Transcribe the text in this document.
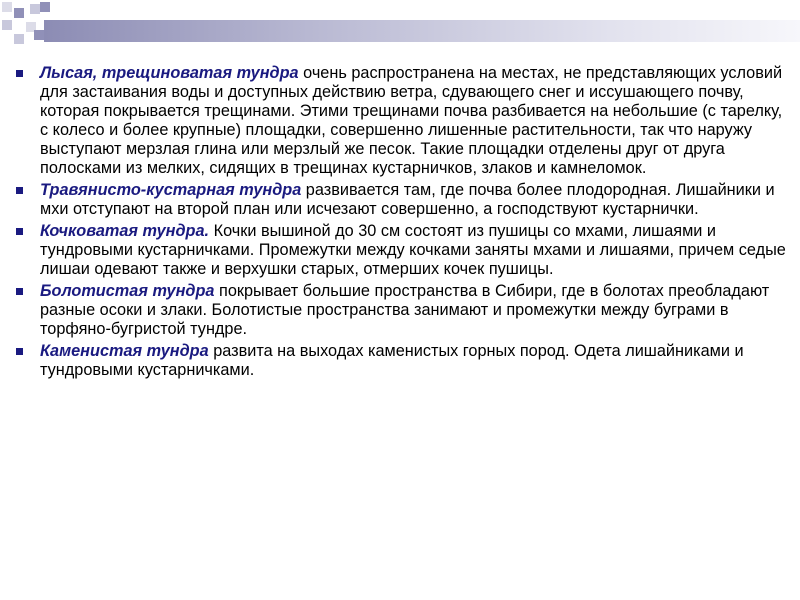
Лысая, трещиноватая тундра очень распространена на местах, не представляющих условий для застаивания воды и доступных действию ветра, сдувающего снег и иссушающего почву, которая покрывается трещинами. Этими трещинами почва разбивается на небольшие (с тарелку, с колесо и более крупные) площадки, совершенно лишенные растительности, так что наружу выступают мерзлая глина или мерзлый же песок. Такие площадки отделены друг от друга полосками из мелких, сидящих в трещинах кустарничков, злаков и камнеломок.
Травянисто-кустарная тундра развивается там, где почва более плодородная. Лишайники и мхи отступают на второй план или исчезают совершенно, а господствуют кустарнички.
Кочковатая тундра. Кочки вышиной до 30 см состоят из пушицы со мхами, лишаями и тундровыми кустарничками. Промежутки между кочками заняты мхами и лишаями, причем седые лишаи одевают также и верхушки старых, отмерших кочек пушицы.
Болотистая тундра покрывает большие пространства в Сибири, где в болотах преобладают разные осоки и злаки. Болотистые пространства занимают и промежутки между буграми в торфяно-бугристой тундре.
Каменистая тундра развита на выходах каменистых горных пород. Одета лишайниками и тундровыми кустарничками.
